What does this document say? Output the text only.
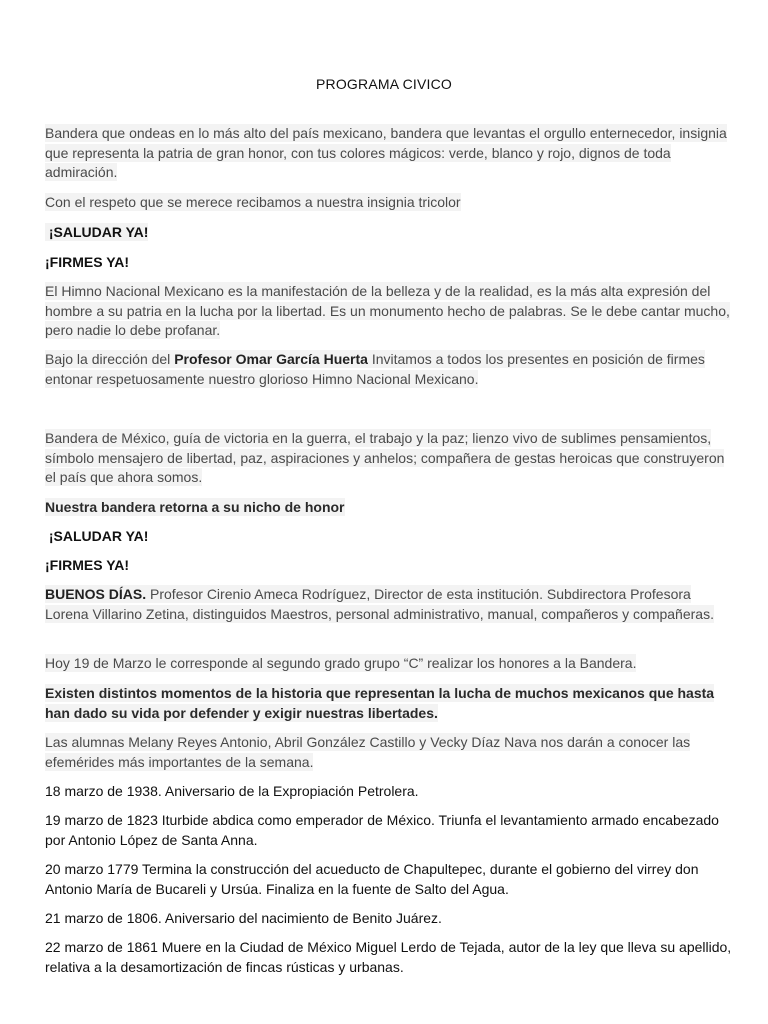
PROGRAMA CIVICO

Bandera que ondeas en lo más alto del país mexicano, bandera que levantas el orgullo enternecedor, insignia que representa la patria de gran honor, con tus colores mágicos: verde, blanco y rojo, dignos de toda admiración.

Con el respeto que se merece recibamos a nuestra insignia tricolor

¡SALUDAR YA!

¡FIRMES YA!

El Himno Nacional Mexicano es la manifestación de la belleza y de la realidad, es la más alta expresión del hombre a su patria en la lucha por la libertad. Es un monumento hecho de palabras. Se le debe cantar mucho, pero nadie lo debe profanar.

Bajo la dirección del Profesor Omar García Huerta Invitamos a todos los presentes en posición de firmes entonar respetuosamente nuestro glorioso Himno Nacional Mexicano.

Bandera de México, guía de victoria en la guerra, el trabajo y la paz; lienzo vivo de sublimes pensamientos, símbolo mensajero de libertad, paz, aspiraciones y anhelos; compañera de gestas heroicas que construyeron el país que ahora somos.

Nuestra bandera retorna a su nicho de honor

¡SALUDAR YA!

¡FIRMES YA!

BUENOS DÍAS. Profesor Cirenio Ameca Rodríguez, Director de esta institución. Subdirectora Profesora Lorena Villarino Zetina, distinguidos Maestros, personal administrativo, manual, compañeros y compañeras.

Hoy 19 de Marzo le corresponde al segundo grado grupo “C” realizar los honores a la Bandera.

Existen distintos momentos de la historia que representan la lucha de muchos mexicanos que hasta han dado su vida por defender y exigir nuestras libertades.

Las alumnas Melany Reyes Antonio, Abril González Castillo y Vecky Díaz Nava nos darán a conocer las efemérides más importantes de la semana.

18 marzo de 1938. Aniversario de la Expropiación Petrolera.

19 marzo de 1823 Iturbide abdica como emperador de México. Triunfa el levantamiento armado encabezado por Antonio López de Santa Anna.

20 marzo 1779 Termina la construcción del acueducto de Chapultepec, durante el gobierno del virrey don Antonio María de Bucareli y Ursúa. Finaliza en la fuente de Salto del Agua.

21 marzo de 1806. Aniversario del nacimiento de Benito Juárez.

22 marzo de 1861 Muere en la Ciudad de México Miguel Lerdo de Tejada, autor de la ley que lleva su apellido, relativa a la desamortización de fincas rústicas y urbanas.
